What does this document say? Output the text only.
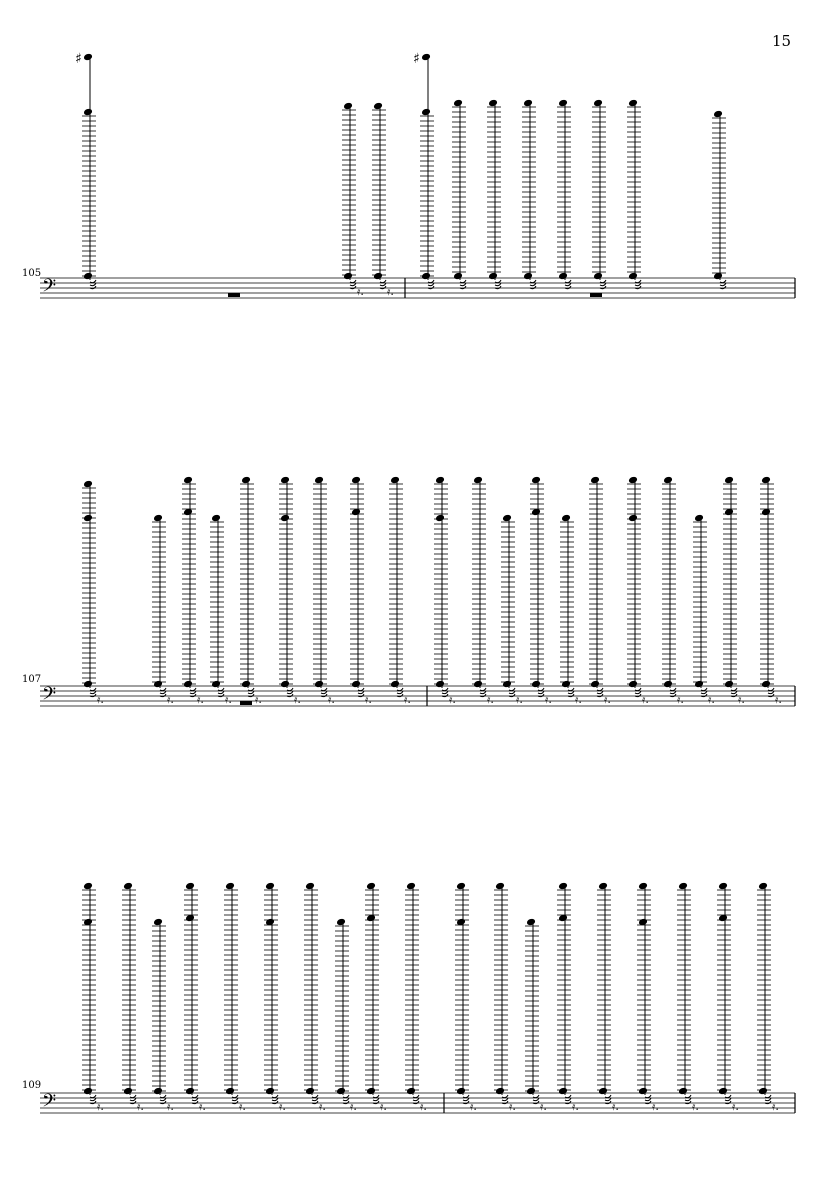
15
105
107
109
𝄢
♯
𝄿. 𝄿.
♯
𝄢	𝄿.	𝄿. 𝄿. 𝄿. 𝄿.	𝄿. 𝄿.	𝄿.	𝄿.	𝄿.	𝄿. 𝄿. 𝄿. 𝄿. 𝄿.	𝄿.	𝄿. 𝄿. 𝄿.	𝄿.
𝄢	𝄿.	𝄿. 𝄿. 𝄿.	𝄿.	𝄿.	𝄿. 𝄿. 𝄿.	𝄿.	𝄿.	𝄿. 𝄿. 𝄿.	𝄿.	𝄿.	𝄿.	𝄿.	𝄿.
